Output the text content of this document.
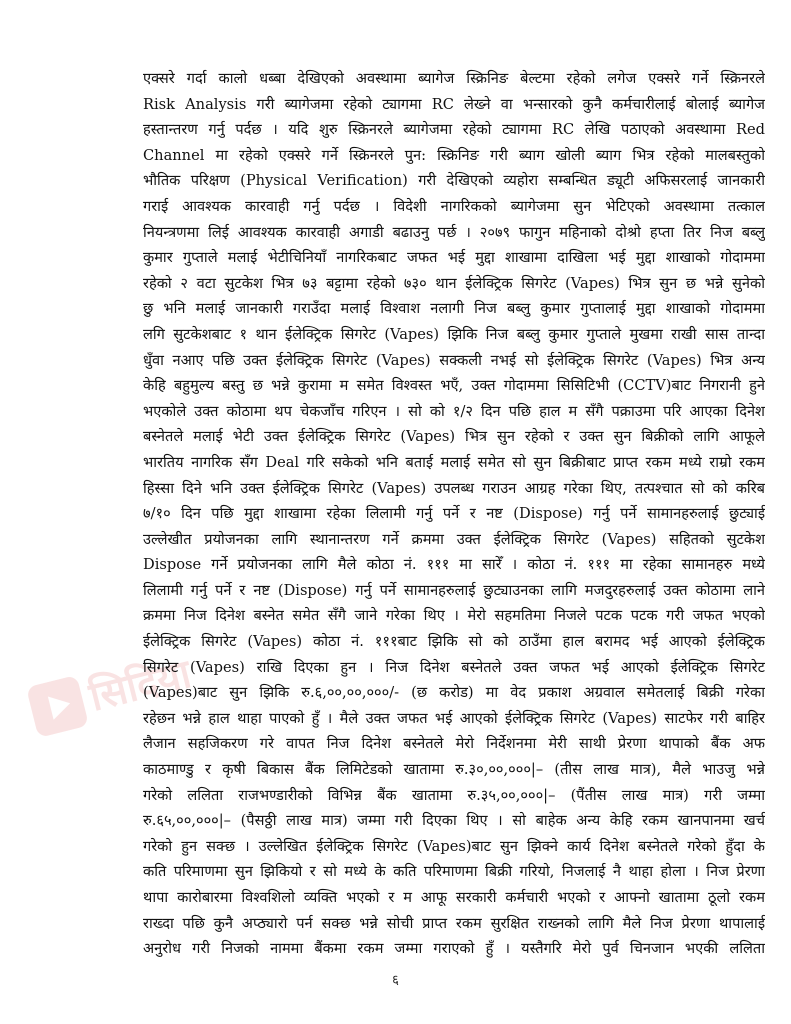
सिदिया
एक्सरे गर्दा कालो धब्बा देखिएको अवस्थामा ब्यागेज स्क्रिनिङ बेल्टमा रहेको लगेज एक्सरे गर्ने स्क्रिनरले
Risk Analysis गरी ब्यागेजमा रहेको ट्यागमा RC लेख्ने वा भन्सारको कुनै कर्मचारीलाई बोलाई ब्यागेज
हस्तान्तरण गर्नु पर्दछ । यदि शुरु स्क्रिनरले ब्यागेजमा रहेको ट्यागमा RC लेखि पठाएको अवस्थामा Red
Channel मा रहेको एक्सरे गर्ने स्क्रिनरले पुन: स्क्रिनिङ गरी ब्याग खोली ब्याग भित्र रहेको मालबस्तुको
भौतिक परिक्षण (Physical Verification) गरी देखिएको व्यहोरा सम्बन्धित ड्यूटी अफिसरलाई जानकारी
गराई आवश्यक कारवाही गर्नु पर्दछ । विदेशी नागरिकको ब्यागेजमा सुन भेटिएको अवस्थामा तत्काल
नियन्त्रणमा लिई आवश्यक कारवाही अगाडी बढाउनु पर्छ । २०७९ फागुन महिनाको दोश्रो हप्ता तिर निज बब्लु
कुमार गुप्ताले मलाई भेटीचिनियाँ नागरिकबाट जफत भई मुद्दा शाखामा दाखिला भई मुद्दा शाखाको गोदाममा
रहेको २ वटा सुटकेश भित्र ७३ बट्टामा रहेको ७३० थान ईलेक्ट्रिक सिगरेट (Vapes) भित्र सुन छ भन्ने सुनेको
छु भनि मलाई जानकारी गराउँदा मलाई विश्वाश नलागी निज बब्लु कुमार गुप्तालाई मुद्दा शाखाको गोदाममा
लगि सुटकेशबाट १ थान ईलेक्ट्रिक सिगरेट (Vapes) झिकि निज बब्लु कुमार गुप्ताले मुखमा राखी सास तान्दा
धुँवा नआए पछि उक्त ईलेक्ट्रिक सिगरेट (Vapes) सक्कली नभई सो ईलेक्ट्रिक सिगरेट (Vapes) भित्र अन्य
केहि बहुमुल्य बस्तु छ भन्ने कुरामा म समेत विश्वस्त भएँ, उक्त गोदाममा सिसिटिभी (CCTV)बाट निगरानी हुने
भएकोले उक्त कोठामा थप चेकजाँच गरिएन । सो को १/२ दिन पछि हाल म सँगै पक्राउमा परि आएका दिनेश
बस्नेतले मलाई भेटी उक्त ईलेक्ट्रिक सिगरेट (Vapes) भित्र सुन रहेको र उक्त सुन बिक्रीको लागि आफूले
भारतिय नागरिक सँग Deal गरि सकेको भनि बताई मलाई समेत सो सुन बिक्रीबाट प्राप्त रकम मध्ये राम्रो रकम
हिस्सा दिने भनि उक्त ईलेक्ट्रिक सिगरेट (Vapes) उपलब्ध गराउन आग्रह गरेका थिए, तत्पश्चात सो को करिब
७/१० दिन पछि मुद्दा शाखामा रहेका लिलामी गर्नु पर्ने र नष्ट (Dispose) गर्नु पर्ने सामानहरुलाई छुट्याई
उल्लेखीत प्रयोजनका लागि स्थानान्तरण गर्ने क्रममा उक्त ईलेक्ट्रिक सिगरेट (Vapes) सहितको सुटकेश
Dispose गर्ने प्रयोजनका लागि मैले कोठा नं. १११ मा सारेँ । कोठा नं. १११ मा रहेका सामानहरु मध्ये
लिलामी गर्नु पर्ने र नष्ट (Dispose) गर्नु पर्ने सामानहरुलाई छुट्याउनका लागि मजदुरहरुलाई उक्त कोठामा लाने
क्रममा निज दिनेश बस्नेत समेत सँगै जाने गरेका थिए । मेरो सहमतिमा निजले पटक पटक गरी जफत भएको
ईलेक्ट्रिक सिगरेट (Vapes) कोठा नं. १११बाट झिकि सो को ठाउँमा हाल बरामद भई आएको ईलेक्ट्रिक
सिगरेट (Vapes) राखि दिएका हुन । निज दिनेश बस्नेतले उक्त जफत भई आएको ईलेक्ट्रिक सिगरेट
(Vapes)बाट सुन झिकि रु.६,००,००,०००/- (छ करोड) मा वेद प्रकाश अग्रवाल समेतलाई बिक्री गरेका
रहेछन भन्ने हाल थाहा पाएको हुँ । मैले उक्त जफत भई आएको ईलेक्ट्रिक सिगरेट (Vapes) साटफेर गरी बाहिर
लैजान सहजिकरण गरे वापत निज दिनेश बस्नेतले मेरो निर्देशनमा मेरी साथी प्रेरणा थापाको बैंक अफ
काठमाण्डु र कृषी बिकास बैंक लिमिटेडको खातामा रु.३०,००,०००|– (तीस लाख मात्र), मैले भाउजु भन्ने
गरेको ललिता राजभण्डारीको विभिन्न बैंक खातामा रु.३५,००,०००|– (पैंतीस लाख मात्र) गरी जम्मा
रु.६५,००,०००|– (पैसठ्ठी लाख मात्र) जम्मा गरी दिएका थिए । सो बाहेक अन्य केहि रकम खानपानमा खर्च
गरेको हुन सक्छ । उल्लेखित ईलेक्ट्रिक सिगरेट (Vapes)बाट सुन झिक्ने कार्य दिनेश बस्नेतले गरेको हुँदा के
कति परिमाणमा सुन झिकियो र सो मध्ये के कति परिमाणमा बिक्री गरियो, निजलाई नै थाहा होला । निज प्रेरणा
थापा कारोबारमा विश्वशिलो व्यक्ति भएको र म आफू सरकारी कर्मचारी भएको र आफ्नो खातामा ठूलो रकम
राख्दा पछि कुनै अप्ठ्यारो पर्न सक्छ भन्ने सोची प्राप्त रकम सुरक्षित राख्नको लागि मैले निज प्रेरणा थापालाई
अनुरोध गरी निजको नाममा बैंकमा रकम जम्मा गराएको हुँ । यस्तैगरि मेरो पुर्व चिनजान भएकी ललिता
६
